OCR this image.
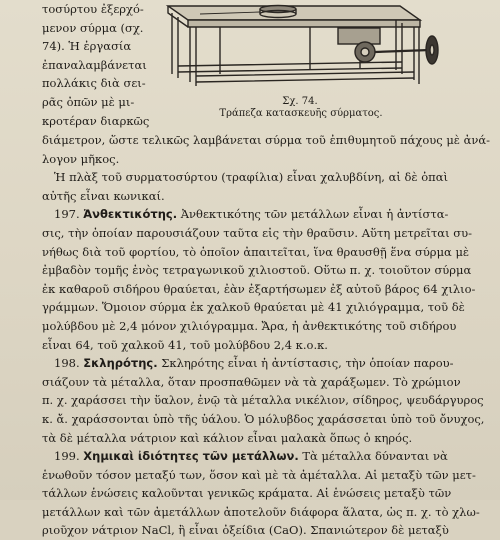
τοσύρτου ἐξερχό-
μενον σύρμα (σχ.
74). Ἡ ἐργασία
ἐπαναλαμβάνεται
πολλάκις διὰ σει-
ρᾶς ὀπῶν μὲ μι-
κροτέραν διαρκῶς
Σχ. 74.
Τράπεζα κατασκευῆς σύρματος.
διάμετρον, ὥστε τελικῶς λαμβάνεται σύρμα τοῦ ἐπιθυμητοῦ πάχους μὲ ἀνά-
λογον μῆκος.
Ἡ πλὰξ τοῦ συρματοσύρτου (τραφίλια) εἶναι χαλυβδίνη, αἱ δὲ ὀπαὶ
αὐτῆς εἶναι κωνικαί.
197. Ἀνθεκτικότης. Ἀνθεκτικότης τῶν μετάλλων εἶναι ἡ ἀντίστα-
σις, τὴν ὁποίαν παρουσιάζουν ταῦτα εἰς τὴν θραῦσιν. Αὕτη μετρεῖται συ-
νήθως διὰ τοῦ φορτίου, τὸ ὁποῖον ἀπαιτεῖται, ἵνα θραυσθῇ ἕνα σύρμα μὲ
ἐμβαδὸν τομῆς ἑνὸς τετραγωνικοῦ χιλιοστοῦ. Οὕτω π. χ. τοιοῦτον σύρμα
ἐκ καθαροῦ σιδήρου θραύεται, ἐὰν ἐξαρτήσωμεν ἐξ αὐτοῦ βάρος 64 χιλιο-
γράμμων. Ὅμοιον σύρμα ἐκ χαλκοῦ θραύεται μὲ 41 χιλιόγραμμα, τοῦ δὲ
μολύβδου μὲ 2,4 μόνον χιλιόγραμμα. Ἄρα, ἡ ἀνθεκτικότης τοῦ σιδήρου
εἶναι 64, τοῦ χαλκοῦ 41, τοῦ μολύβδου 2,4 κ.ο.κ.
198. Σκληρότης. Σκληρότης εἶναι ἡ ἀντίστασις, τὴν ὁποίαν παρου-
σιάζουν τὰ μέταλλα, ὅταν προσπαθῶμεν νὰ τὰ χαράξωμεν. Τὸ χρώμιον
π. χ. χαράσσει τὴν ὕαλον, ἐνῷ τὰ μέταλλα νικέλιον, σίδηρος, ψευδάργυρος
κ. ἄ. χαράσσονται ὑπὸ τῆς ὑάλου. Ὁ μόλυβδος χαράσσεται ὑπὸ τοῦ ὄνυχος,
τὰ δὲ μέταλλα νάτριον καὶ κάλιον εἶναι μαλακὰ ὅπως ὁ κηρός.
199. Χημικαὶ ἰδιότητες τῶν μετάλλων. Τὰ μέταλλα δύνανται νὰ
ἑνωθοῦν τόσον μεταξύ των, ὅσον καὶ μὲ τὰ ἀμέταλλα. Αἱ μεταξὺ τῶν μετ-
τάλλων ἑνώσεις καλοῦνται γενικῶς κράματα. Αἱ ἑνώσεις μεταξὺ τῶν
μετάλλων καὶ τῶν ἀμετάλλων ἀποτελοῦν διάφορα ἅλατα, ὡς π. χ. τὸ χλω-
ριοῦχον νάτριον NaCl, ἢ εἶναι ὀξείδια (CaO). Σπανιώτερον δὲ μεταξὺ
